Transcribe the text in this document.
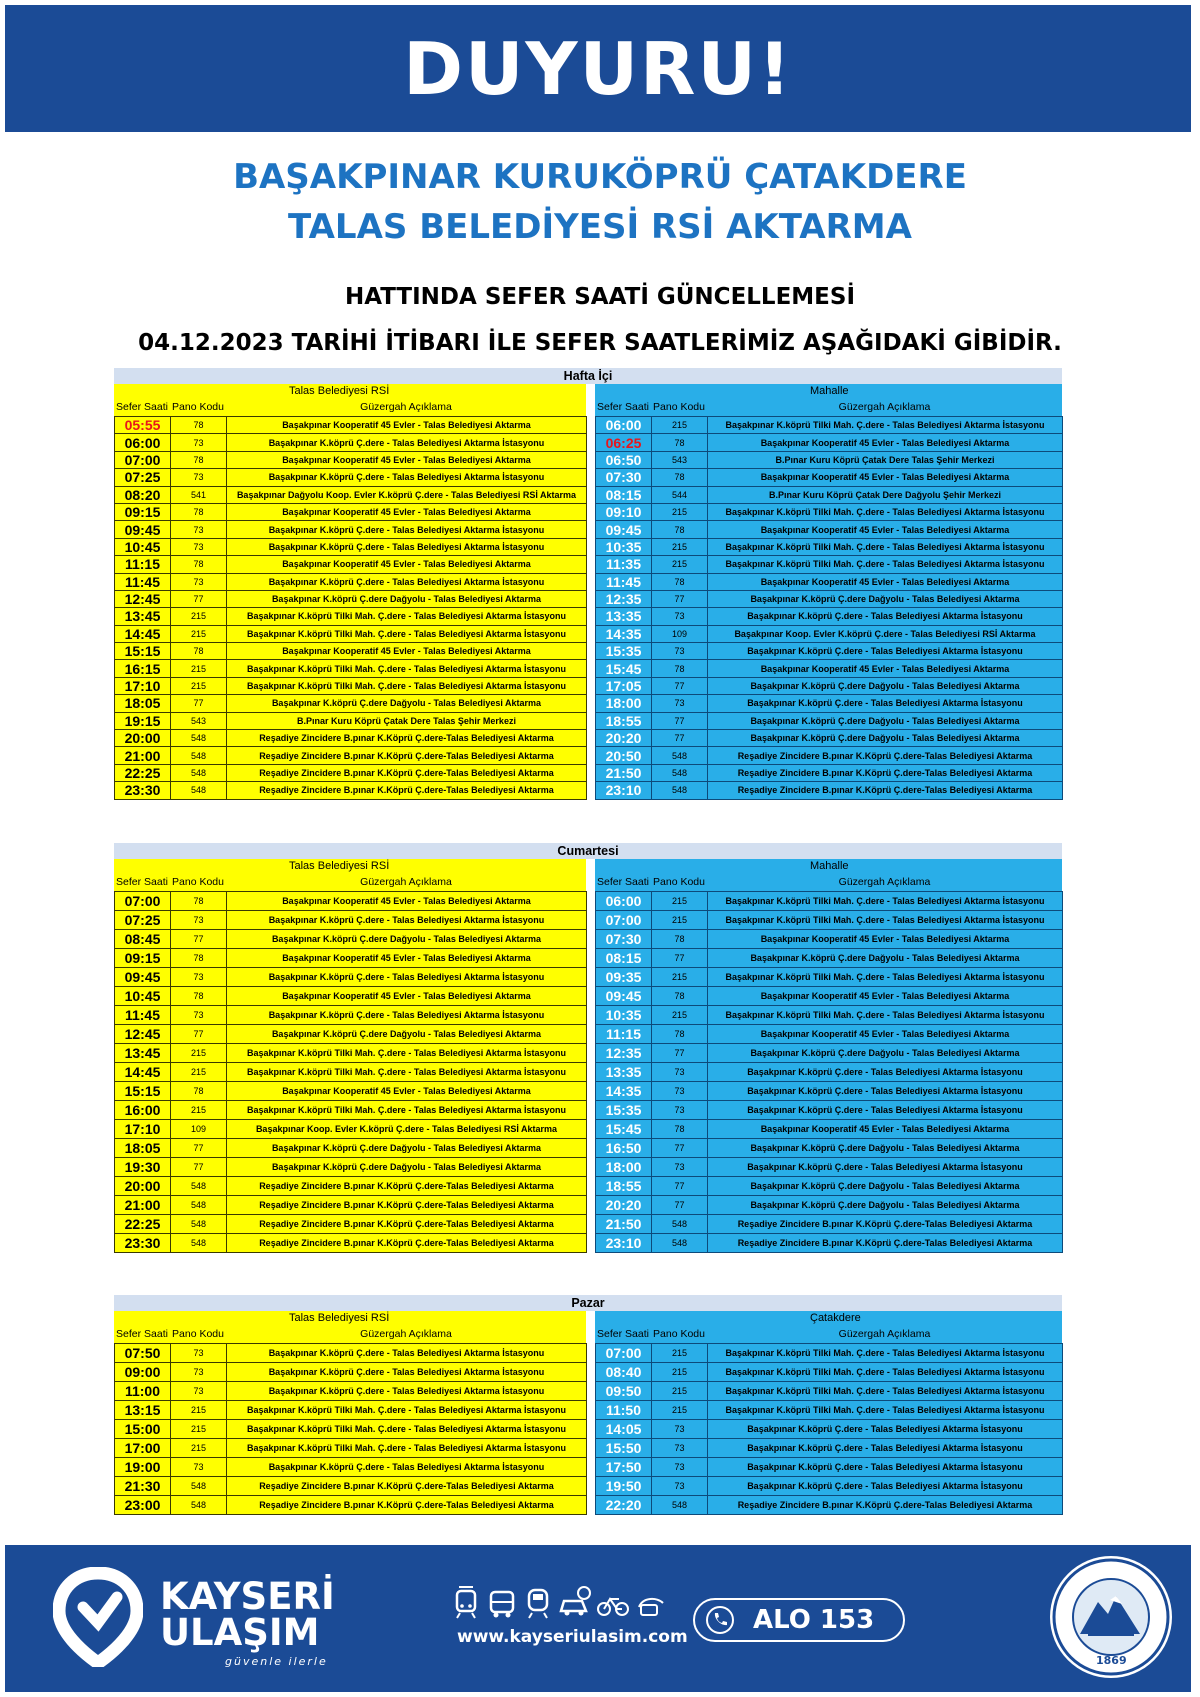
DUYURU!
BAŞAKPINAR KURUKÖPRÜ ÇATAKDERE
TALAS BELEDİYESİ RSİ AKTARMA
HATTINDA SEFER SAATİ GÜNCELLEMESİ
04.12.2023 TARİHİ İTİBARI İLE SEFER SAATLERİMİZ AŞAĞIDAKİ GİBİDİR.
Hafta İçi
Talas Belediyesi RSİ
Sefer Saati Pano Kodu	Güzergah Açıklama
05:55	78	Başakpınar Kooperatif 45 Evler - Talas Belediyesi Aktarma
06:00	73	Başakpınar K.köprü Ç.dere - Talas Belediyesi Aktarma İstasyonu
07:00	78	Başakpınar Kooperatif 45 Evler - Talas Belediyesi Aktarma
07:25	73	Başakpınar K.köprü Ç.dere - Talas Belediyesi Aktarma İstasyonu
08:20	541	Başakpınar Dağyolu Koop. Evler K.köprü Ç.dere - Talas Belediyesi RSİ Aktarma
09:15	78	Başakpınar Kooperatif 45 Evler - Talas Belediyesi Aktarma
09:45	73	Başakpınar K.köprü Ç.dere - Talas Belediyesi Aktarma İstasyonu
10:45	73	Başakpınar K.köprü Ç.dere - Talas Belediyesi Aktarma İstasyonu
11:15	78	Başakpınar Kooperatif 45 Evler - Talas Belediyesi Aktarma
11:45	73	Başakpınar K.köprü Ç.dere - Talas Belediyesi Aktarma İstasyonu
12:45	77	Başakpınar K.köprü Ç.dere Dağyolu - Talas Belediyesi Aktarma
13:45	215	Başakpınar K.köprü Tilki Mah. Ç.dere - Talas Belediyesi Aktarma İstasyonu
14:45	215	Başakpınar K.köprü Tilki Mah. Ç.dere - Talas Belediyesi Aktarma İstasyonu
15:15	78	Başakpınar Kooperatif 45 Evler - Talas Belediyesi Aktarma
16:15	215	Başakpınar K.köprü Tilki Mah. Ç.dere - Talas Belediyesi Aktarma İstasyonu
17:10	215	Başakpınar K.köprü Tilki Mah. Ç.dere - Talas Belediyesi Aktarma İstasyonu
18:05	77	Başakpınar K.köprü Ç.dere Dağyolu - Talas Belediyesi Aktarma
19:15	543	B.Pınar Kuru Köprü Çatak Dere Talas Şehir Merkezi
20:00	548	Reşadiye Zincidere B.pınar K.Köprü Ç.dere-Talas Belediyesi Aktarma
21:00	548	Reşadiye Zincidere B.pınar K.Köprü Ç.dere-Talas Belediyesi Aktarma
22:25	548	Reşadiye Zincidere B.pınar K.Köprü Ç.dere-Talas Belediyesi Aktarma
23:30	548	Reşadiye Zincidere B.pınar K.Köprü Ç.dere-Talas Belediyesi Aktarma
Mahalle
Sefer Saati Pano Kodu	Güzergah Açıklama
06:00	215	Başakpınar K.köprü Tilki Mah. Ç.dere - Talas Belediyesi Aktarma İstasyonu
06:25	78	Başakpınar Kooperatif 45 Evler - Talas Belediyesi Aktarma
06:50	543	B.Pınar Kuru Köprü Çatak Dere Talas Şehir Merkezi
07:30	78	Başakpınar Kooperatif 45 Evler - Talas Belediyesi Aktarma
08:15	544	B.Pınar Kuru Köprü Çatak Dere Dağyolu Şehir Merkezi
09:10	215	Başakpınar K.köprü Tilki Mah. Ç.dere - Talas Belediyesi Aktarma İstasyonu
09:45	78	Başakpınar Kooperatif 45 Evler - Talas Belediyesi Aktarma
10:35	215	Başakpınar K.köprü Tilki Mah. Ç.dere - Talas Belediyesi Aktarma İstasyonu
11:35	215	Başakpınar K.köprü Tilki Mah. Ç.dere - Talas Belediyesi Aktarma İstasyonu
11:45	78	Başakpınar Kooperatif 45 Evler - Talas Belediyesi Aktarma
12:35	77	Başakpınar K.köprü Ç.dere Dağyolu - Talas Belediyesi Aktarma
13:35	73	Başakpınar K.köprü Ç.dere - Talas Belediyesi Aktarma İstasyonu
14:35	109	Başakpınar Koop. Evler K.köprü Ç.dere - Talas Belediyesi RSİ Aktarma
15:35	73	Başakpınar K.köprü Ç.dere - Talas Belediyesi Aktarma İstasyonu
15:45	78	Başakpınar Kooperatif 45 Evler - Talas Belediyesi Aktarma
17:05	77	Başakpınar K.köprü Ç.dere Dağyolu - Talas Belediyesi Aktarma
18:00	73	Başakpınar K.köprü Ç.dere - Talas Belediyesi Aktarma İstasyonu
18:55	77	Başakpınar K.köprü Ç.dere Dağyolu - Talas Belediyesi Aktarma
20:20	77	Başakpınar K.köprü Ç.dere Dağyolu - Talas Belediyesi Aktarma
20:50	548	Reşadiye Zincidere B.pınar K.Köprü Ç.dere-Talas Belediyesi Aktarma
21:50	548	Reşadiye Zincidere B.pınar K.Köprü Ç.dere-Talas Belediyesi Aktarma
23:10	548	Reşadiye Zincidere B.pınar K.Köprü Ç.dere-Talas Belediyesi Aktarma
Cumartesi
Talas Belediyesi RSİ
Sefer Saati Pano Kodu	Güzergah Açıklama
07:00	78	Başakpınar Kooperatif 45 Evler - Talas Belediyesi Aktarma
07:25	73	Başakpınar K.köprü Ç.dere - Talas Belediyesi Aktarma İstasyonu
08:45	77	Başakpınar K.köprü Ç.dere Dağyolu - Talas Belediyesi Aktarma
09:15	78	Başakpınar Kooperatif 45 Evler - Talas Belediyesi Aktarma
09:45	73	Başakpınar K.köprü Ç.dere - Talas Belediyesi Aktarma İstasyonu
10:45	78	Başakpınar Kooperatif 45 Evler - Talas Belediyesi Aktarma
11:45	73	Başakpınar K.köprü Ç.dere - Talas Belediyesi Aktarma İstasyonu
12:45	77	Başakpınar K.köprü Ç.dere Dağyolu - Talas Belediyesi Aktarma
13:45	215	Başakpınar K.köprü Tilki Mah. Ç.dere - Talas Belediyesi Aktarma İstasyonu
14:45	215	Başakpınar K.köprü Tilki Mah. Ç.dere - Talas Belediyesi Aktarma İstasyonu
15:15	78	Başakpınar Kooperatif 45 Evler - Talas Belediyesi Aktarma
16:00	215	Başakpınar K.köprü Tilki Mah. Ç.dere - Talas Belediyesi Aktarma İstasyonu
17:10	109	Başakpınar Koop. Evler K.köprü Ç.dere - Talas Belediyesi RSİ Aktarma
18:05	77	Başakpınar K.köprü Ç.dere Dağyolu - Talas Belediyesi Aktarma
19:30	77	Başakpınar K.köprü Ç.dere Dağyolu - Talas Belediyesi Aktarma
20:00	548	Reşadiye Zincidere B.pınar K.Köprü Ç.dere-Talas Belediyesi Aktarma
21:00	548	Reşadiye Zincidere B.pınar K.Köprü Ç.dere-Talas Belediyesi Aktarma
22:25	548	Reşadiye Zincidere B.pınar K.Köprü Ç.dere-Talas Belediyesi Aktarma
23:30	548	Reşadiye Zincidere B.pınar K.Köprü Ç.dere-Talas Belediyesi Aktarma
Mahalle
Sefer Saati Pano Kodu	Güzergah Açıklama
06:00	215	Başakpınar K.köprü Tilki Mah. Ç.dere - Talas Belediyesi Aktarma İstasyonu
07:00	215	Başakpınar K.köprü Tilki Mah. Ç.dere - Talas Belediyesi Aktarma İstasyonu
07:30	78	Başakpınar Kooperatif 45 Evler - Talas Belediyesi Aktarma
08:15	77	Başakpınar K.köprü Ç.dere Dağyolu - Talas Belediyesi Aktarma
09:35	215	Başakpınar K.köprü Tilki Mah. Ç.dere - Talas Belediyesi Aktarma İstasyonu
09:45	78	Başakpınar Kooperatif 45 Evler - Talas Belediyesi Aktarma
10:35	215	Başakpınar K.köprü Tilki Mah. Ç.dere - Talas Belediyesi Aktarma İstasyonu
11:15	78	Başakpınar Kooperatif 45 Evler - Talas Belediyesi Aktarma
12:35	77	Başakpınar K.köprü Ç.dere Dağyolu - Talas Belediyesi Aktarma
13:35	73	Başakpınar K.köprü Ç.dere - Talas Belediyesi Aktarma İstasyonu
14:35	73	Başakpınar K.köprü Ç.dere - Talas Belediyesi Aktarma İstasyonu
15:35	73	Başakpınar K.köprü Ç.dere - Talas Belediyesi Aktarma İstasyonu
15:45	78	Başakpınar Kooperatif 45 Evler - Talas Belediyesi Aktarma
16:50	77	Başakpınar K.köprü Ç.dere Dağyolu - Talas Belediyesi Aktarma
18:00	73	Başakpınar K.köprü Ç.dere - Talas Belediyesi Aktarma İstasyonu
18:55	77	Başakpınar K.köprü Ç.dere Dağyolu - Talas Belediyesi Aktarma
20:20	77	Başakpınar K.köprü Ç.dere Dağyolu - Talas Belediyesi Aktarma
21:50	548	Reşadiye Zincidere B.pınar K.Köprü Ç.dere-Talas Belediyesi Aktarma
23:10	548	Reşadiye Zincidere B.pınar K.Köprü Ç.dere-Talas Belediyesi Aktarma
Pazar
Talas Belediyesi RSİ
Sefer Saati Pano Kodu	Güzergah Açıklama
07:50	73	Başakpınar K.köprü Ç.dere - Talas Belediyesi Aktarma İstasyonu
09:00	73	Başakpınar K.köprü Ç.dere - Talas Belediyesi Aktarma İstasyonu
11:00	73	Başakpınar K.köprü Ç.dere - Talas Belediyesi Aktarma İstasyonu
13:15	215	Başakpınar K.köprü Tilki Mah. Ç.dere - Talas Belediyesi Aktarma İstasyonu
15:00	215	Başakpınar K.köprü Tilki Mah. Ç.dere - Talas Belediyesi Aktarma İstasyonu
17:00	215	Başakpınar K.köprü Tilki Mah. Ç.dere - Talas Belediyesi Aktarma İstasyonu
19:00	73	Başakpınar K.köprü Ç.dere - Talas Belediyesi Aktarma İstasyonu
21:30	548	Reşadiye Zincidere B.pınar K.Köprü Ç.dere-Talas Belediyesi Aktarma
23:00	548	Reşadiye Zincidere B.pınar K.Köprü Ç.dere-Talas Belediyesi Aktarma
Çatakdere
Sefer Saati Pano Kodu	Güzergah Açıklama
07:00	215	Başakpınar K.köprü Tilki Mah. Ç.dere - Talas Belediyesi Aktarma İstasyonu
08:40	215	Başakpınar K.köprü Tilki Mah. Ç.dere - Talas Belediyesi Aktarma İstasyonu
09:50	215	Başakpınar K.köprü Tilki Mah. Ç.dere - Talas Belediyesi Aktarma İstasyonu
11:50	215	Başakpınar K.köprü Tilki Mah. Ç.dere - Talas Belediyesi Aktarma İstasyonu
14:05	73	Başakpınar K.köprü Ç.dere - Talas Belediyesi Aktarma İstasyonu
15:50	73	Başakpınar K.köprü Ç.dere - Talas Belediyesi Aktarma İstasyonu
17:50	73	Başakpınar K.köprü Ç.dere - Talas Belediyesi Aktarma İstasyonu
19:50	73	Başakpınar K.köprü Ç.dere - Talas Belediyesi Aktarma İstasyonu
22:20	548	Reşadiye Zincidere B.pınar K.Köprü Ç.dere-Talas Belediyesi Aktarma
KAYSERİ
ULAŞIM
güvenle ilerle
www.kayseriulasim.com
ALO 153
1869
